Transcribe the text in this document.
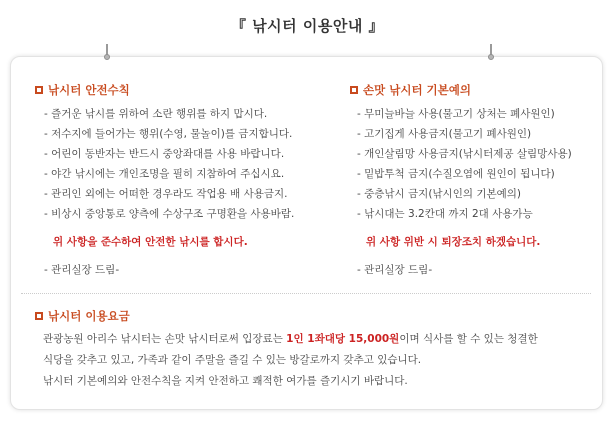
『 낚시터 이용안내 』
낚시터 안전수칙
- 즐거운 낚시를 위하여 소란 행위를 하지 맙시다.
- 저수지에 들어가는 행위(수영, 물놀이)를 금지합니다.
- 어린이 동반자는 반드시 중앙좌대를 사용 바랍니다.
- 야간 낚시에는 개인조명을 필히 지참하여 주십시요.
- 관리인 외에는 어떠한 경우라도 작업용 배 사용금지.
- 비상시 중앙통로 양측에 수상구조 구명환을 사용바람.
위 사항을 준수하여 안전한 낚시를 합시다.
- 관리실장 드림-
손맛 낚시터 기본예의
- 무미늘바늘 사용(물고기 상처는 폐사원인)
- 고기집게 사용금지(물고기 폐사원인)
- 개인살림망 사용금지(낚시터제공 살림망사용)
- 밑밥투척 금지(수질오염에 원인이 됩니다)
- 중층낚시 금지(낚시인의 기본예의)
- 낚시대는 3.2칸대 까지 2대 사용가능
위 사항 위반 시 퇴장조치 하겠습니다.
- 관리실장 드림-
낚시터 이용요금

관광농원 아리수 낚시터는 손맛 낚시터로써 입장료는 1인 1좌대당 15,000원이며 식사를 할 수 있는 청결한
식당을 갖추고 있고, 가족과 같이 주말을 즐길 수 있는 방갈로까지 갖추고 있습니다.
낚시터 기본예의와 안전수칙을 지켜 안전하고 쾌적한 여가를 즐기시기 바랍니다.
